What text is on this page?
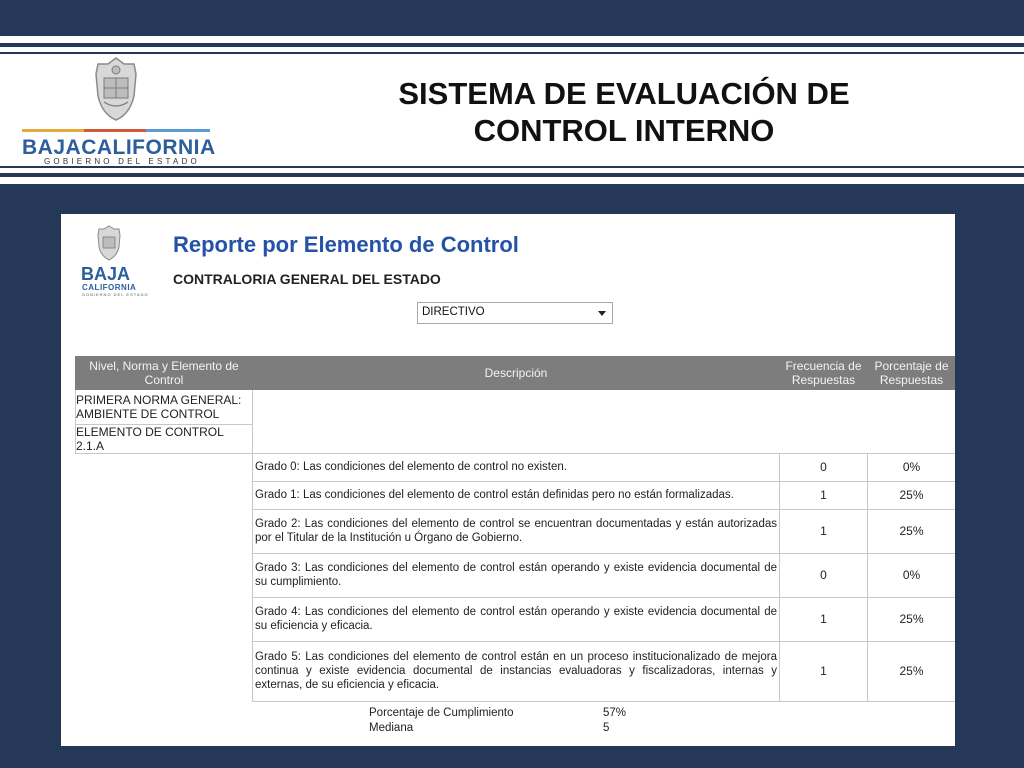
BAJACALIFORNIA
GOBIERNO DEL ESTADO
SISTEMA DE EVALUACIÓN DE
CONTROL INTERNO
BAJA
CALIFORNIA
GOBIERNO DEL ESTADO
Reporte por Elemento de Control
CONTRALORIA GENERAL DEL ESTADO
DIRECTIVO
Nivel, Norma y Elemento de Control	Descripción	Frecuencia de Respuestas	Porcentaje de Respuestas
PRIMERA NORMA GENERAL: AMBIENTE DE CONTROL			
ELEMENTO DE CONTROL 2.1.A			
	Grado 0: Las condiciones del elemento de control no existen.	0	0%
	Grado 1: Las condiciones del elemento de control están definidas pero no están formalizadas.	1	25%
	Grado 2: Las condiciones del elemento de control se encuentran documentadas y están autorizadas por el Titular de la Institución u Órgano de Gobierno.	1	25%
	Grado 3: Las condiciones del elemento de control están operando y existe evidencia documental de su cumplimiento.	0	0%
	Grado 4: Las condiciones del elemento de control están operando y existe evidencia documental de su eficiencia y eficacia.	1	25%
	Grado 5: Las condiciones del elemento de control están en un proceso institucionalizado de mejora continua y existe evidencia documental de instancias evaluadoras y fiscalizadoras, internas y externas, de su eficiencia y eficacia.	1	25%
Porcentaje de Cumplimiento	57%
Mediana	5
